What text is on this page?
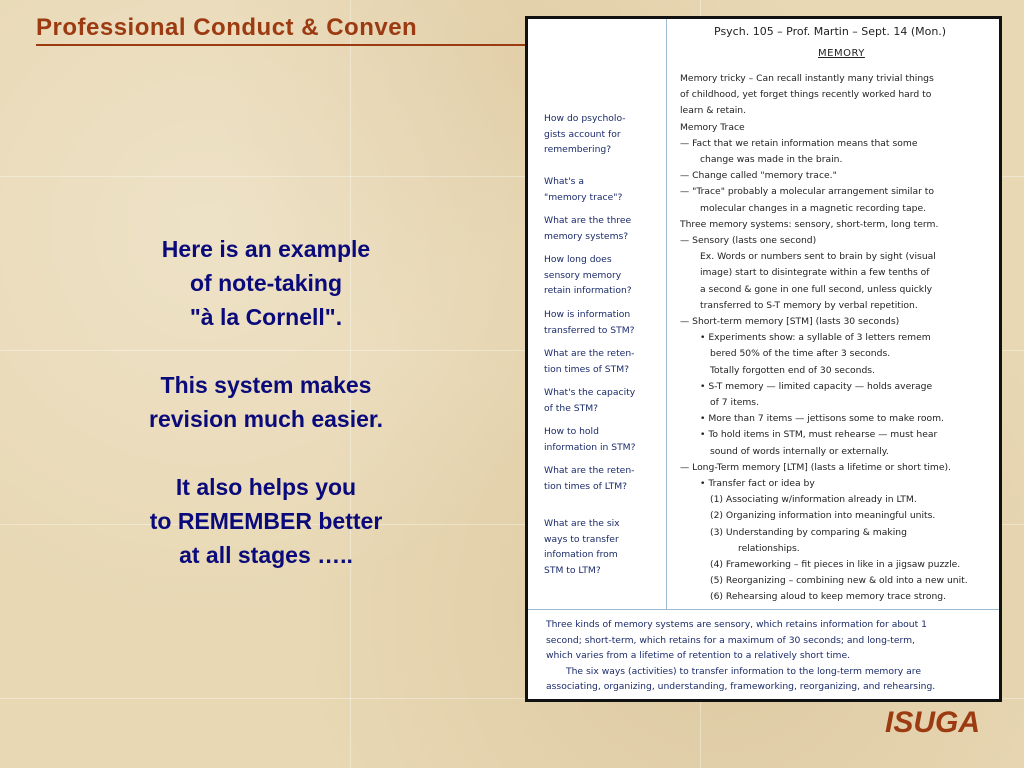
Professional Conduct & Conven

Here is an example
of note-taking
"à la Cornell".

This system makes
revision much easier.

It also helps you
to REMEMBER better
at all stages …..

Psych. 105 – Prof. Martin – Sept. 14 (Mon.)
MEMORY
How do psycholo-
gists account for
remembering?
What's a
"memory trace"?
What are the three
memory systems?
How long does
sensory memory
retain information?
How is information
transferred to STM?
What are the reten-
tion times of STM?
What's the capacity
of the STM?
How to hold
information in STM?
What are the reten-
tion times of LTM?
What are the six
ways to transfer
infomation from
STM to LTM?
Memory tricky – Can recall instantly many trivial things
of childhood, yet forget things recently worked hard to
learn & retain.
Memory Trace
— Fact that we retain information means that some
change was made in the brain.
— Change called "memory trace."
— "Trace" probably a molecular arrangement similar to
molecular changes in a magnetic recording tape.
Three memory systems: sensory, short-term, long term.
— Sensory (lasts one second)
Ex. Words or numbers sent to brain by sight (visual
image) start to disintegrate within a few tenths of
a second & gone in one full second, unless quickly
transferred to S-T memory by verbal repetition.
— Short-term memory [STM] (lasts 30 seconds)
• Experiments show: a syllable of 3 letters remem
bered 50% of the time after 3 seconds.
Totally forgotten end of 30 seconds.
• S-T memory — limited capacity — holds average
of 7 items.
• More than 7 items — jettisons some to make room.
• To hold items in STM, must rehearse — must hear
sound of words internally or externally.
— Long-Term memory [LTM] (lasts a lifetime or short time).
• Transfer fact or idea by
(1) Associating w/information already in LTM.
(2) Organizing information into meaningful units.
(3) Understanding by comparing & making
relationships.
(4) Frameworking – fit pieces in like in a jigsaw puzzle.
(5) Reorganizing – combining new & old into a new unit.
(6) Rehearsing aloud to keep memory trace strong.
Three kinds of memory systems are sensory, which retains information for about 1
second; short-term, which retains for a maximum of 30 seconds; and long-term,
which varies from a lifetime of retention to a relatively short time.
The six ways (activities) to transfer information to the long-term memory are
associating, organizing, understanding, frameworking, reorganizing, and rehearsing.
ISUGA
